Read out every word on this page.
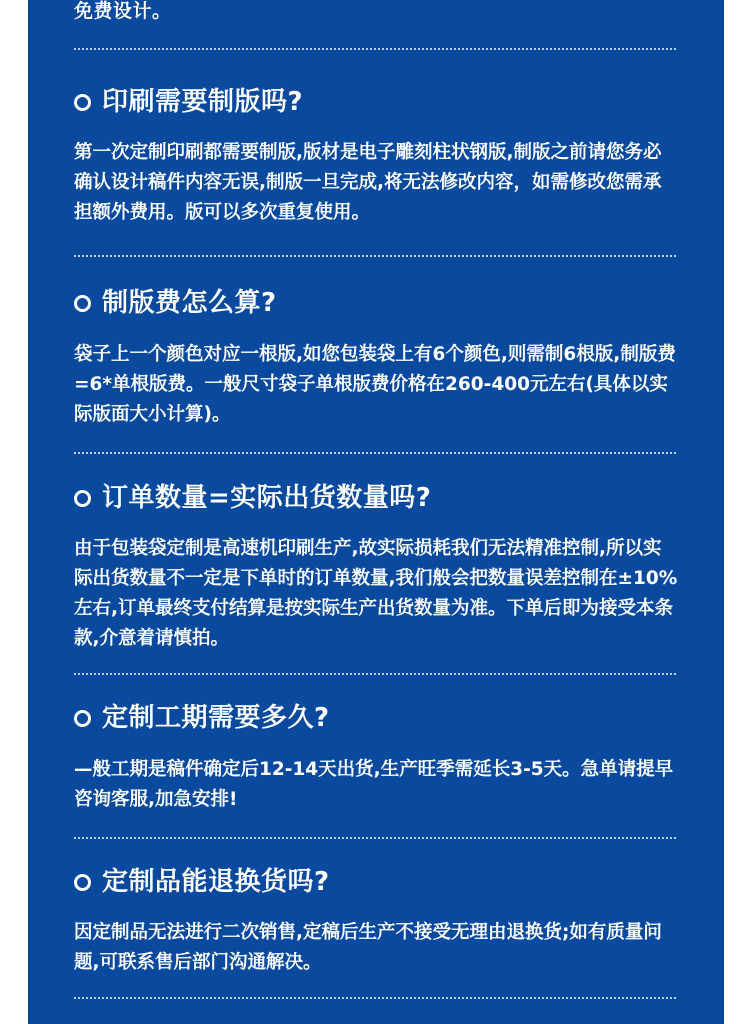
免费设计。
印刷需要制版吗?
第一次定制印刷都需要制版,版材是电子雕刻柱状钢版,制版之前请您务必确认设计稿件内容无误,制版一旦完成,将无法修改内容，如需修改您需承担额外费用。版可以多次重复使用。
制版费怎么算?
袋子上一个颜色对应一根版,如您包装袋上有6个颜色,则需制6根版,制版费=6*单根版费。一般尺寸袋子单根版费价格在260-400元左右(具体以实际版面大小计算)。
订单数量=实际出货数量吗?
由于包装袋定制是高速机印刷生产,故实际损耗我们无法精准控制,所以实际出货数量不一定是下单时的订单数量,我们般会把数量误差控制在±10%左右,订单最终支付结算是按实际生产出货数量为准。下单后即为接受本条款,介意着请慎拍。
定制工期需要多久?
—般工期是稿件确定后12-14天出货,生产旺季需延长3-5天。急单请提早咨询客服,加急安排!
定制品能退换货吗?
因定制品无法进行二次销售,定稿后生产不接受无理由退换货;如有质量问题,可联系售后部门沟通解决。
